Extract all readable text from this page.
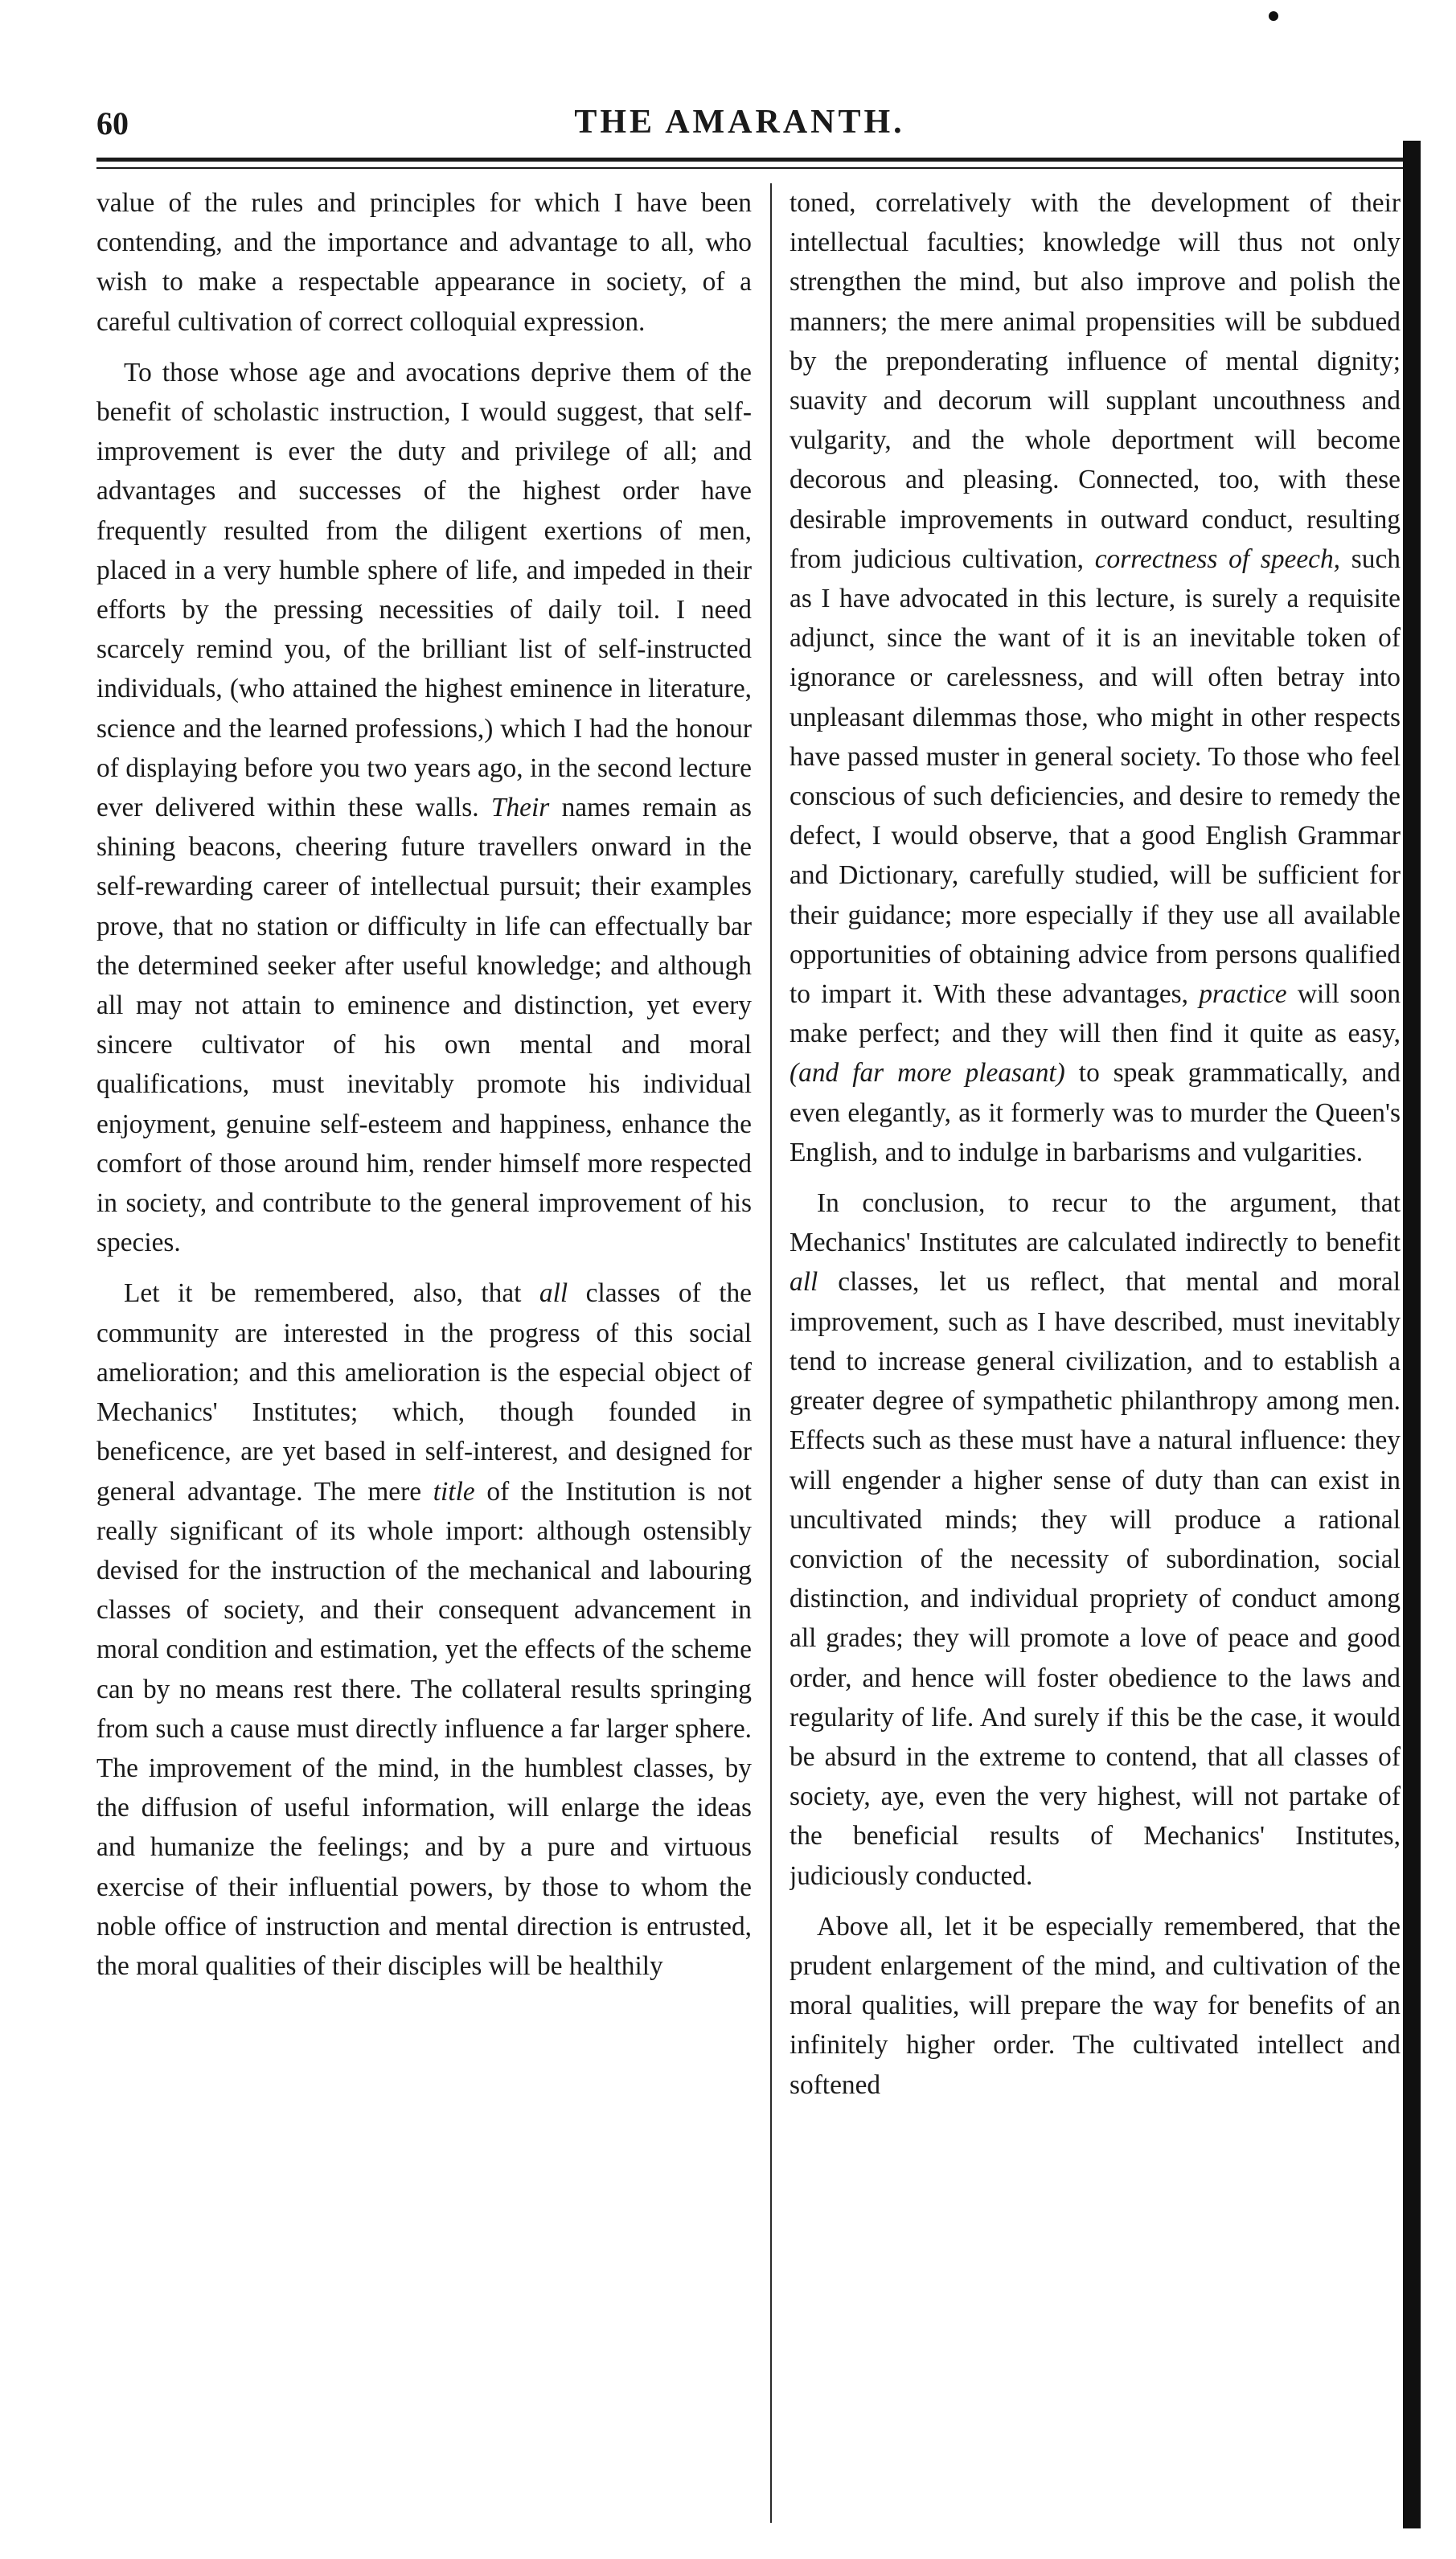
60	THE AMARANTH.

value of the rules and principles for which I have been contending, and the importance and advantage to all, who wish to make a respectable appearance in society, of a careful cultivation of correct colloquial expression.

To those whose age and avocations deprive them of the benefit of scholastic instruction, I would suggest, that self-improvement is ever the duty and privilege of all; and advantages and successes of the highest order have frequently resulted from the diligent exertions of men, placed in a very humble sphere of life, and impeded in their efforts by the pressing necessities of daily toil. I need scarcely remind you, of the brilliant list of self-instructed individuals, (who attained the highest eminence in literature, science and the learned professions,) which I had the honour of displaying before you two years ago, in the second lecture ever delivered within these walls. Their names remain as shining beacons, cheering future travellers onward in the self-rewarding career of intellectual pursuit; their examples prove, that no station or difficulty in life can effectually bar the determined seeker after useful knowledge; and although all may not attain to eminence and distinction, yet every sincere cultivator of his own mental and moral qualifications, must inevitably promote his individual enjoyment, genuine self-esteem and happiness, enhance the comfort of those around him, render himself more respected in society, and contribute to the general improvement of his species.

Let it be remembered, also, that all classes of the community are interested in the progress of this social amelioration; and this amelioration is the especial object of Mechanics' Institutes; which, though founded in beneficence, are yet based in self-interest, and designed for general advantage. The mere title of the Institution is not really significant of its whole import: although ostensibly devised for the instruction of the mechanical and labouring classes of society, and their consequent advancement in moral condition and estimation, yet the effects of the scheme can by no means rest there. The collateral results springing from such a cause must directly influence a far larger sphere. The improvement of the mind, in the humblest classes, by the diffusion of useful information, will enlarge the ideas and humanize the feelings; and by a pure and virtuous exercise of their influential powers, by those to whom the noble office of instruction and mental direction is entrusted, the moral qualities of their disciples will be healthily

toned, correlatively with the development of their intellectual faculties; knowledge will thus not only strengthen the mind, but also improve and polish the manners; the mere animal propensities will be subdued by the preponderating influence of mental dignity; suavity and decorum will supplant uncouthness and vulgarity, and the whole deportment will become decorous and pleasing. Connected, too, with these desirable improvements in outward conduct, resulting from judicious cultivation, correctness of speech, such as I have advocated in this lecture, is surely a requisite adjunct, since the want of it is an inevitable token of ignorance or carelessness, and will often betray into unpleasant dilemmas those, who might in other respects have passed muster in general society. To those who feel conscious of such deficiencies, and desire to remedy the defect, I would observe, that a good English Grammar and Dictionary, carefully studied, will be sufficient for their guidance; more especially if they use all available opportunities of obtaining advice from persons qualified to impart it. With these advantages, practice will soon make perfect; and they will then find it quite as easy, (and far more pleasant) to speak grammatically, and even elegantly, as it formerly was to murder the Queen's English, and to indulge in barbarisms and vulgarities.

In conclusion, to recur to the argument, that Mechanics' Institutes are calculated indirectly to benefit all classes, let us reflect, that mental and moral improvement, such as I have described, must inevitably tend to increase general civilization, and to establish a greater degree of sympathetic philanthropy among men. Effects such as these must have a natural influence: they will engender a higher sense of duty than can exist in uncultivated minds; they will produce a rational conviction of the necessity of subordination, social distinction, and individual propriety of conduct among all grades; they will promote a love of peace and good order, and hence will foster obedience to the laws and regularity of life. And surely if this be the case, it would be absurd in the extreme to contend, that all classes of society, aye, even the very highest, will not partake of the beneficial results of Mechanics' Institutes, judiciously conducted.

Above all, let it be especially remembered, that the prudent enlargement of the mind, and cultivation of the moral qualities, will prepare the way for benefits of an infinitely higher order. The cultivated intellect and softened
